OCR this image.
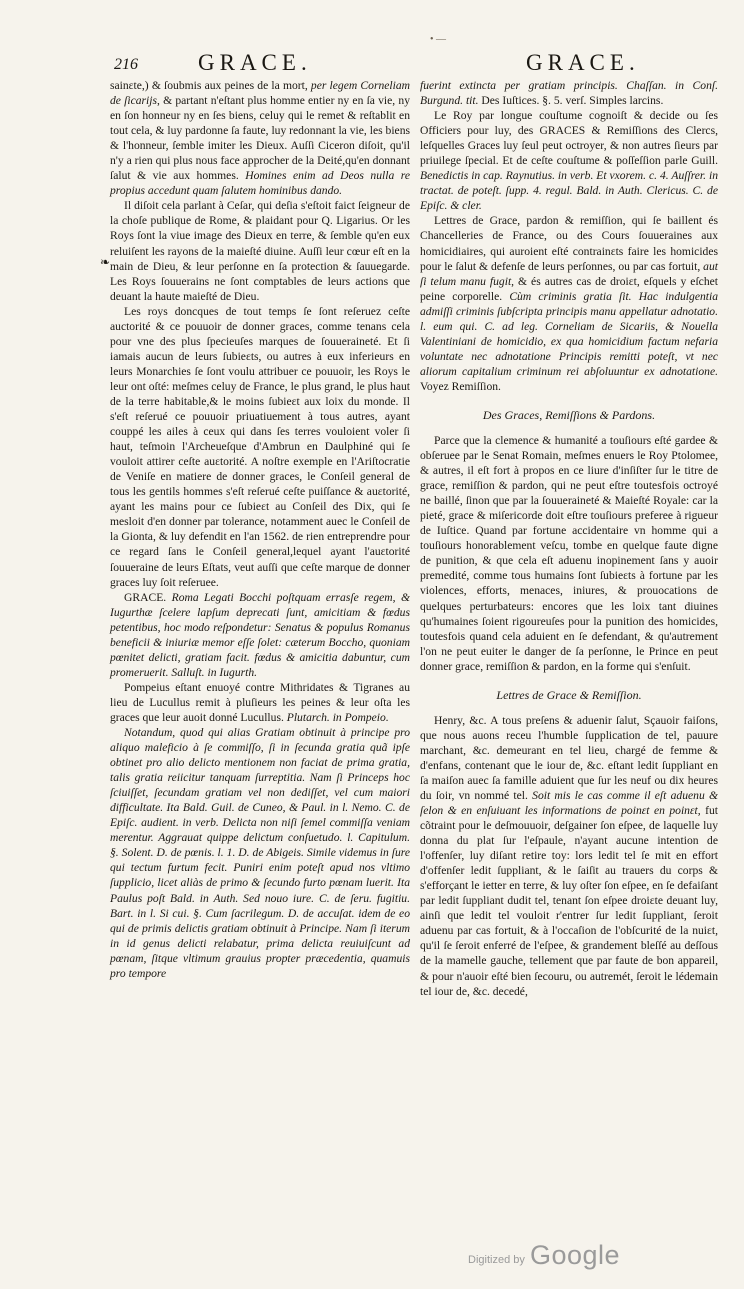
• —
216	GRACE.	GRACE.
❧

sainɛte,) & ſoubmis aux peines de la mort, per legem Corneliam de ſicarijs, & partant n'eſtant plus homme entier ny en ſa vie, ny en ſon honneur ny en ſes biens, celuy qui le remet & reſtablit en tout cela, & luy pardonne ſa faute, luy redonnant la vie, les biens & l'honneur, ſemble imiter les Dieux. Auſſi Ciceron diſoit, qu'il n'y a rien qui plus nous face approcher de la Deité,qu'en donnant ſalut & vie aux hommes. Homines enim ad Deos nulla re propius accedunt quam ſalutem hominibus dando.

Il diſoit cela parlant à Ceſar, qui deſia s'eſtoit faict ſeigneur de la choſe publique de Rome, & plaidant pour Q. Ligarius. Or les Roys ſont la viue image des Dieux en terre, & ſemble qu'en eux reluiſent les rayons de la maieſté diuine. Auſſi leur cœur eſt en la main de Dieu, & leur perſonne en ſa protection & ſauuegarde. Les Roys ſouuerains ne ſont comptables de leurs actions que deuant la haute maieſté de Dieu.

Les roys doncques de tout temps ſe ſont reſeruez ceſte auctorité & ce pouuoir de donner graces, comme tenans cela pour vne des plus ſpecieuſes marques de ſouueraineté. Et ſi iamais aucun de leurs ſubieɛts, ou autres à eux inferieurs en leurs Monarchies ſe ſont voulu attribuer ce pouuoir, les Roys le leur ont oſté: meſmes celuy de France, le plus grand, le plus haut de la terre habitable,& le moins ſubieɛt aux loix du monde. Il s'eſt reſerué ce pouuoir priuatiuement à tous autres, ayant couppé les ailes à ceux qui dans ſes terres vouloient voler ſi haut, teſmoin l'Archeueſque d'Ambrun en Daulphiné qui ſe vouloit attirer ceſte auɛtorité. A noſtre exemple en l'Ariſtocratie de Veniſe en matiere de donner graces, le Conſeil general de tous les gentils hommes s'eſt reſerué ceſte puiſſance & auɛtorité, ayant les mains pour ce ſubieɛt au Conſeil des Dix, qui ſe mesloit d'en donner par tolerance, notamment auec le Conſeil de la Gionta, & luy defendit en l'an 1562. de rien entreprendre pour ce regard ſans le Conſeil general,lequel ayant l'auɛtorité ſouueraine de leurs Eſtats, veut auſſi que ceſte marque de donner graces luy ſoit reſeruee.

GRACE. Roma Legati Bocchi poſtquam errasſe regem, & Iugurthæ ſcelere lapſum deprecati ſunt, amicitiam & fœdus petentibus, hoc modo reſpondetur: Senatus & populus Romanus beneficii & iniuriæ memor eſſe ſolet: cæterum Boccho, quoniam pœnitet delicti, gratiam facit. fœdus & amicitia dabuntur, cum promeruerit. Salluſt. in Iugurth.

Pompeius eſtant enuoyé contre Mithridates & Tigranes au lieu de Lucullus remit à pluſieurs les peines & leur oſta les graces que leur auoit donné Lucullus. Plutarch. in Pompeio.

Notandum, quod qui alias Gratiam obtinuit à principe pro aliquo maleficio à ſe commiſſo, ſi in ſecunda gratia quã ipſe obtinet pro alio delicto mentionem non faciat de prima gratia, talis gratia reiicitur tanquam ſurreptitia. Nam ſi Princeps hoc ſciuiſſet, ſecundam gratiam vel non dediſſet, vel cum maiori difficultate. Ita Bald. Guil. de Cuneo, & Paul. in l. Nemo. C. de Epiſc. audient. in verb. Delicta non niſi ſemel commiſſa veniam merentur. Aggrauat quippe delictum conſuetudo. l. Capitulum. §. Solent. D. de pœnis. l. 1. D. de Abigeis. Simile videmus in ſure qui tectum furtum fecit. Puniri enim poteſt apud nos vltimo ſupplicio, licet aliàs de primo & ſecundo furto pœnam luerit. Ita Paulus poſt Bald. in Auth. Sed nouo iure. C. de ſeru. fugitiu. Bart. in l. Si cui. §. Cum ſacrilegum. D. de accuſat. idem de eo qui de primis delictis gratiam obtinuit à Principe. Nam ſi iterum in id genus delicti relabatur, prima delicta reuiuiſcunt ad pœnam, ſitque vltimum grauius propter præcedentia, quamuis pro tempore

fuerint extincta per gratiam principis. Chaſſan. in Conſ. Burgund. tit. Des Iuſtices. §. 5. verſ. Simples larcins.

Le Roy par longue couſtume cognoiſt & decide ou ſes Officiers pour luy, des GRACES & Remiſſions des Clercs, leſquelles Graces luy ſeul peut octroyer, & non autres ſieurs par priuilege ſpecial. Et de ceſte couſtume & poſſeſſion parle Guill. Benedictis in cap. Raynutius. in verb. Et vxorem. c. 4. Auſſrer. in tractat. de poteſt. ſupp. 4. regul. Bald. in Auth. Clericus. C. de Epiſc. & cler.

Lettres de Grace, pardon & remiſſion, qui ſe baillent és Chancelleries de France, ou des Cours ſouueraines aux homicidiaires, qui auroient eſté contrainɛts faire les homicides pour le ſalut & defenſe de leurs perſonnes, ou par cas fortuit, aut ſi telum manu fugit, & és autres cas de droiɛt, eſquels y eſchet peine corporelle. Cùm criminis gratia ſit. Hac indulgentia admiſſi criminis ſubſcripta principis manu appellatur adnotatio. l. eum qui. C. ad leg. Corneliam de Sicariis, & Nouella Valentiniani de homicidio, ex qua homicidium factum nefaria voluntate nec adnotatione Principis remitti poteſt, vt nec aliorum capitalium criminum rei abſoluuntur ex adnotatione. Voyez Remiſſion.

Des Graces, Remiſſions & Pardons.

Parce que la clemence & humanité a touſiours eſté gardee & obſeruee par le Senat Romain, meſmes enuers le Roy Ptolomee, & autres, il eſt fort à propos en ce liure d'inſiſter ſur le titre de grace, remiſſion & pardon, qui ne peut eſtre toutesfois octroyé ne baillé, ſinon que par la ſouueraineté & Maieſté Royale: car la pieté, grace & miſericorde doit eſtre touſiours preferee à rigueur de Iuſtice. Quand par fortune accidentaire vn homme qui a touſiours honorablement veſcu, tombe en quelque faute digne de punition, & que cela eſt aduenu inopinement ſans y auoir premedité, comme tous humains ſont ſubieɛts à fortune par les violences, efforts, menaces, iniures, & prouocations de quelques perturbateurs: encores que les loix tant diuines qu'humaines ſoient rigoureuſes pour la punition des homicides, toutesfois quand cela aduient en ſe defendant, & qu'autrement l'on ne peut euiter le danger de ſa perſonne, le Prince en peut donner grace, remiſſion & pardon, en la forme qui s'enſuit.

Lettres de Grace & Remiſſion.

Henry, &c. A tous preſens & aduenir ſalut, Sçauoir faiſons, que nous auons receu l'humble ſupplication de tel, pauure marchant, &c. demeurant en tel lieu, chargé de femme & d'enfans, contenant que le iour de, &c. eſtant ledit ſuppliant en ſa maiſon auec ſa famille aduient que ſur les neuf ou dix heures du ſoir, vn nommé tel. Soit mis le cas comme il eſt aduenu & ſelon & en enſuiuant les informations de poinɛt en poinɛt, fut cõtraint pour le deſmouuoir, deſgainer ſon eſpee, de laquelle luy donna du plat ſur l'eſpaule, n'ayant aucune intention de l'offenſer, luy diſant retire toy: lors ledit tel ſe mit en effort d'offenſer ledit ſuppliant, & le ſaiſit au trauers du corps & s'efforçant le ietter en terre, & luy oſter ſon eſpee, en ſe defaiſant par ledit ſuppliant dudit tel, tenant ſon eſpee droiɛte deuant luy, ainſi que ledit tel vouloit r'entrer ſur ledit ſuppliant, ſeroit aduenu par cas fortuit, & à l'occaſion de l'obſcurité de la nuiɛt, qu'il ſe ſeroit enferré de l'eſpee, & grandement bleſſé au deſſous de la mamelle gauche, tellement que par faute de bon appareil, & pour n'auoir eſté bien ſecouru, ou autremét, ſeroit le lédemain tel iour de, &c. decedé,

Digitized by Google
